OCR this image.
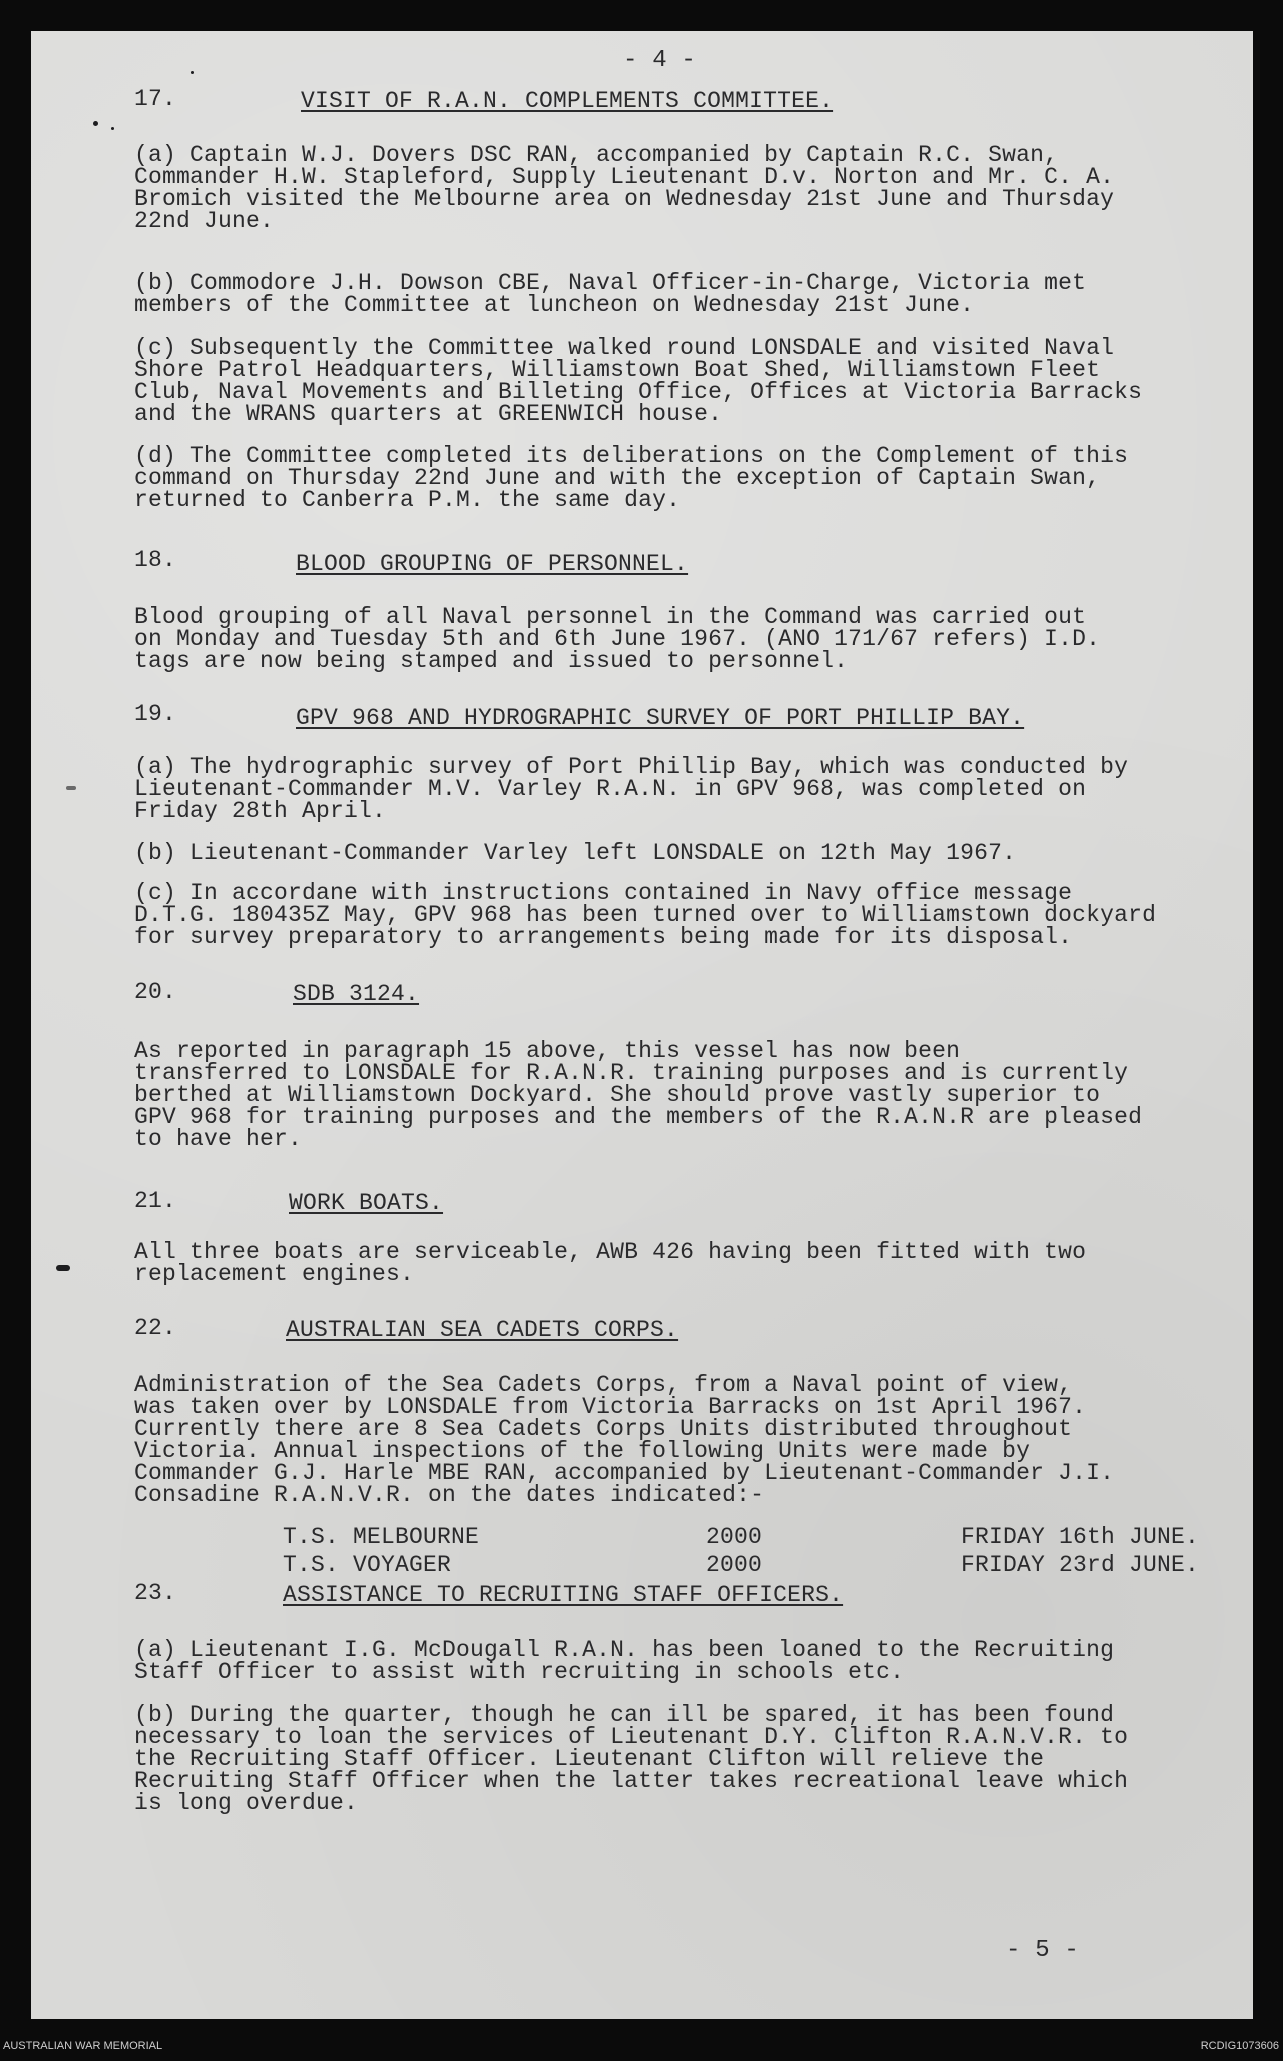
- 4 -
17.	VISIT OF R.A.N. COMPLEMENTS COMMITTEE.
(a) Captain W.J. Dovers DSC RAN, accompanied by Captain R.C. Swan,
Commander H.W. Stapleford, Supply Lieutenant D.v. Norton and Mr. C. A.
Bromich visited the Melbourne area on Wednesday 21st June and Thursday
22nd June.
(b) Commodore J.H. Dowson CBE, Naval Officer-in-Charge, Victoria met
members of the Committee at luncheon on Wednesday 21st June.
(c) Subsequently the Committee walked round LONSDALE and visited Naval
Shore Patrol Headquarters, Williamstown Boat Shed, Williamstown Fleet
Club, Naval Movements and Billeting Office, Offices at Victoria Barracks
and the WRANS quarters at GREENWICH house.
(d) The Committee completed its deliberations on the Complement of this
command on Thursday 22nd June and with the exception of Captain Swan,
returned to Canberra P.M. the same day.
18.	BLOOD GROUPING OF PERSONNEL.
Blood grouping of all Naval personnel in the Command was carried out
on Monday and Tuesday 5th and 6th June 1967. (ANO 171/67 refers) I.D.
tags are now being stamped and issued to personnel.
19.	GPV 968 AND HYDROGRAPHIC SURVEY OF PORT PHILLIP BAY.
(a) The hydrographic survey of Port Phillip Bay, which was conducted by
Lieutenant-Commander M.V. Varley R.A.N. in GPV 968, was completed on
Friday 28th April.
(b) Lieutenant-Commander Varley left LONSDALE on 12th May 1967.
(c) In accordane with instructions contained in Navy office message
D.T.G. 180435Z May, GPV 968 has been turned over to Williamstown dockyard
for survey preparatory to arrangements being made for its disposal.
20.	SDB 3124.
As reported in paragraph 15 above, this vessel has now been
transferred to LONSDALE for R.A.N.R. training purposes and is currently
berthed at Williamstown Dockyard. She should prove vastly superior to
GPV 968 for training purposes and the members of the R.A.N.R are pleased
to have her.
21.	WORK BOATS.
All three boats are serviceable, AWB 426 having been fitted with two
replacement engines.
22.	AUSTRALIAN SEA CADETS CORPS.
Administration of the Sea Cadets Corps, from a Naval point of view,
was taken over by LONSDALE from Victoria Barracks on 1st April 1967.
Currently there are 8 Sea Cadets Corps Units distributed throughout
Victoria. Annual inspections of the following Units were made by
Commander G.J. Harle MBE RAN, accompanied by Lieutenant-Commander J.I.
Consadine R.A.N.V.R. on the dates indicated:-
T.S. MELBOURNE	2000	FRIDAY 16th JUNE.
T.S. VOYAGER	2000	FRIDAY 23rd JUNE.
23.	ASSISTANCE TO RECRUITING STAFF OFFICERS.
(a) Lieutenant I.G. McDougall R.A.N. has been loaned to the Recruiting
Staff Officer to assist with recruiting in schools etc.
(b) During the quarter, though he can ill be spared, it has been found
necessary to loan the services of Lieutenant D.Y. Clifton R.A.N.V.R. to
the Recruiting Staff Officer. Lieutenant Clifton will relieve the
Recruiting Staff Officer when the latter takes recreational leave which
is long overdue.
- 5 -
AUSTRALIAN WAR MEMORIAL	RCDIG1073606
